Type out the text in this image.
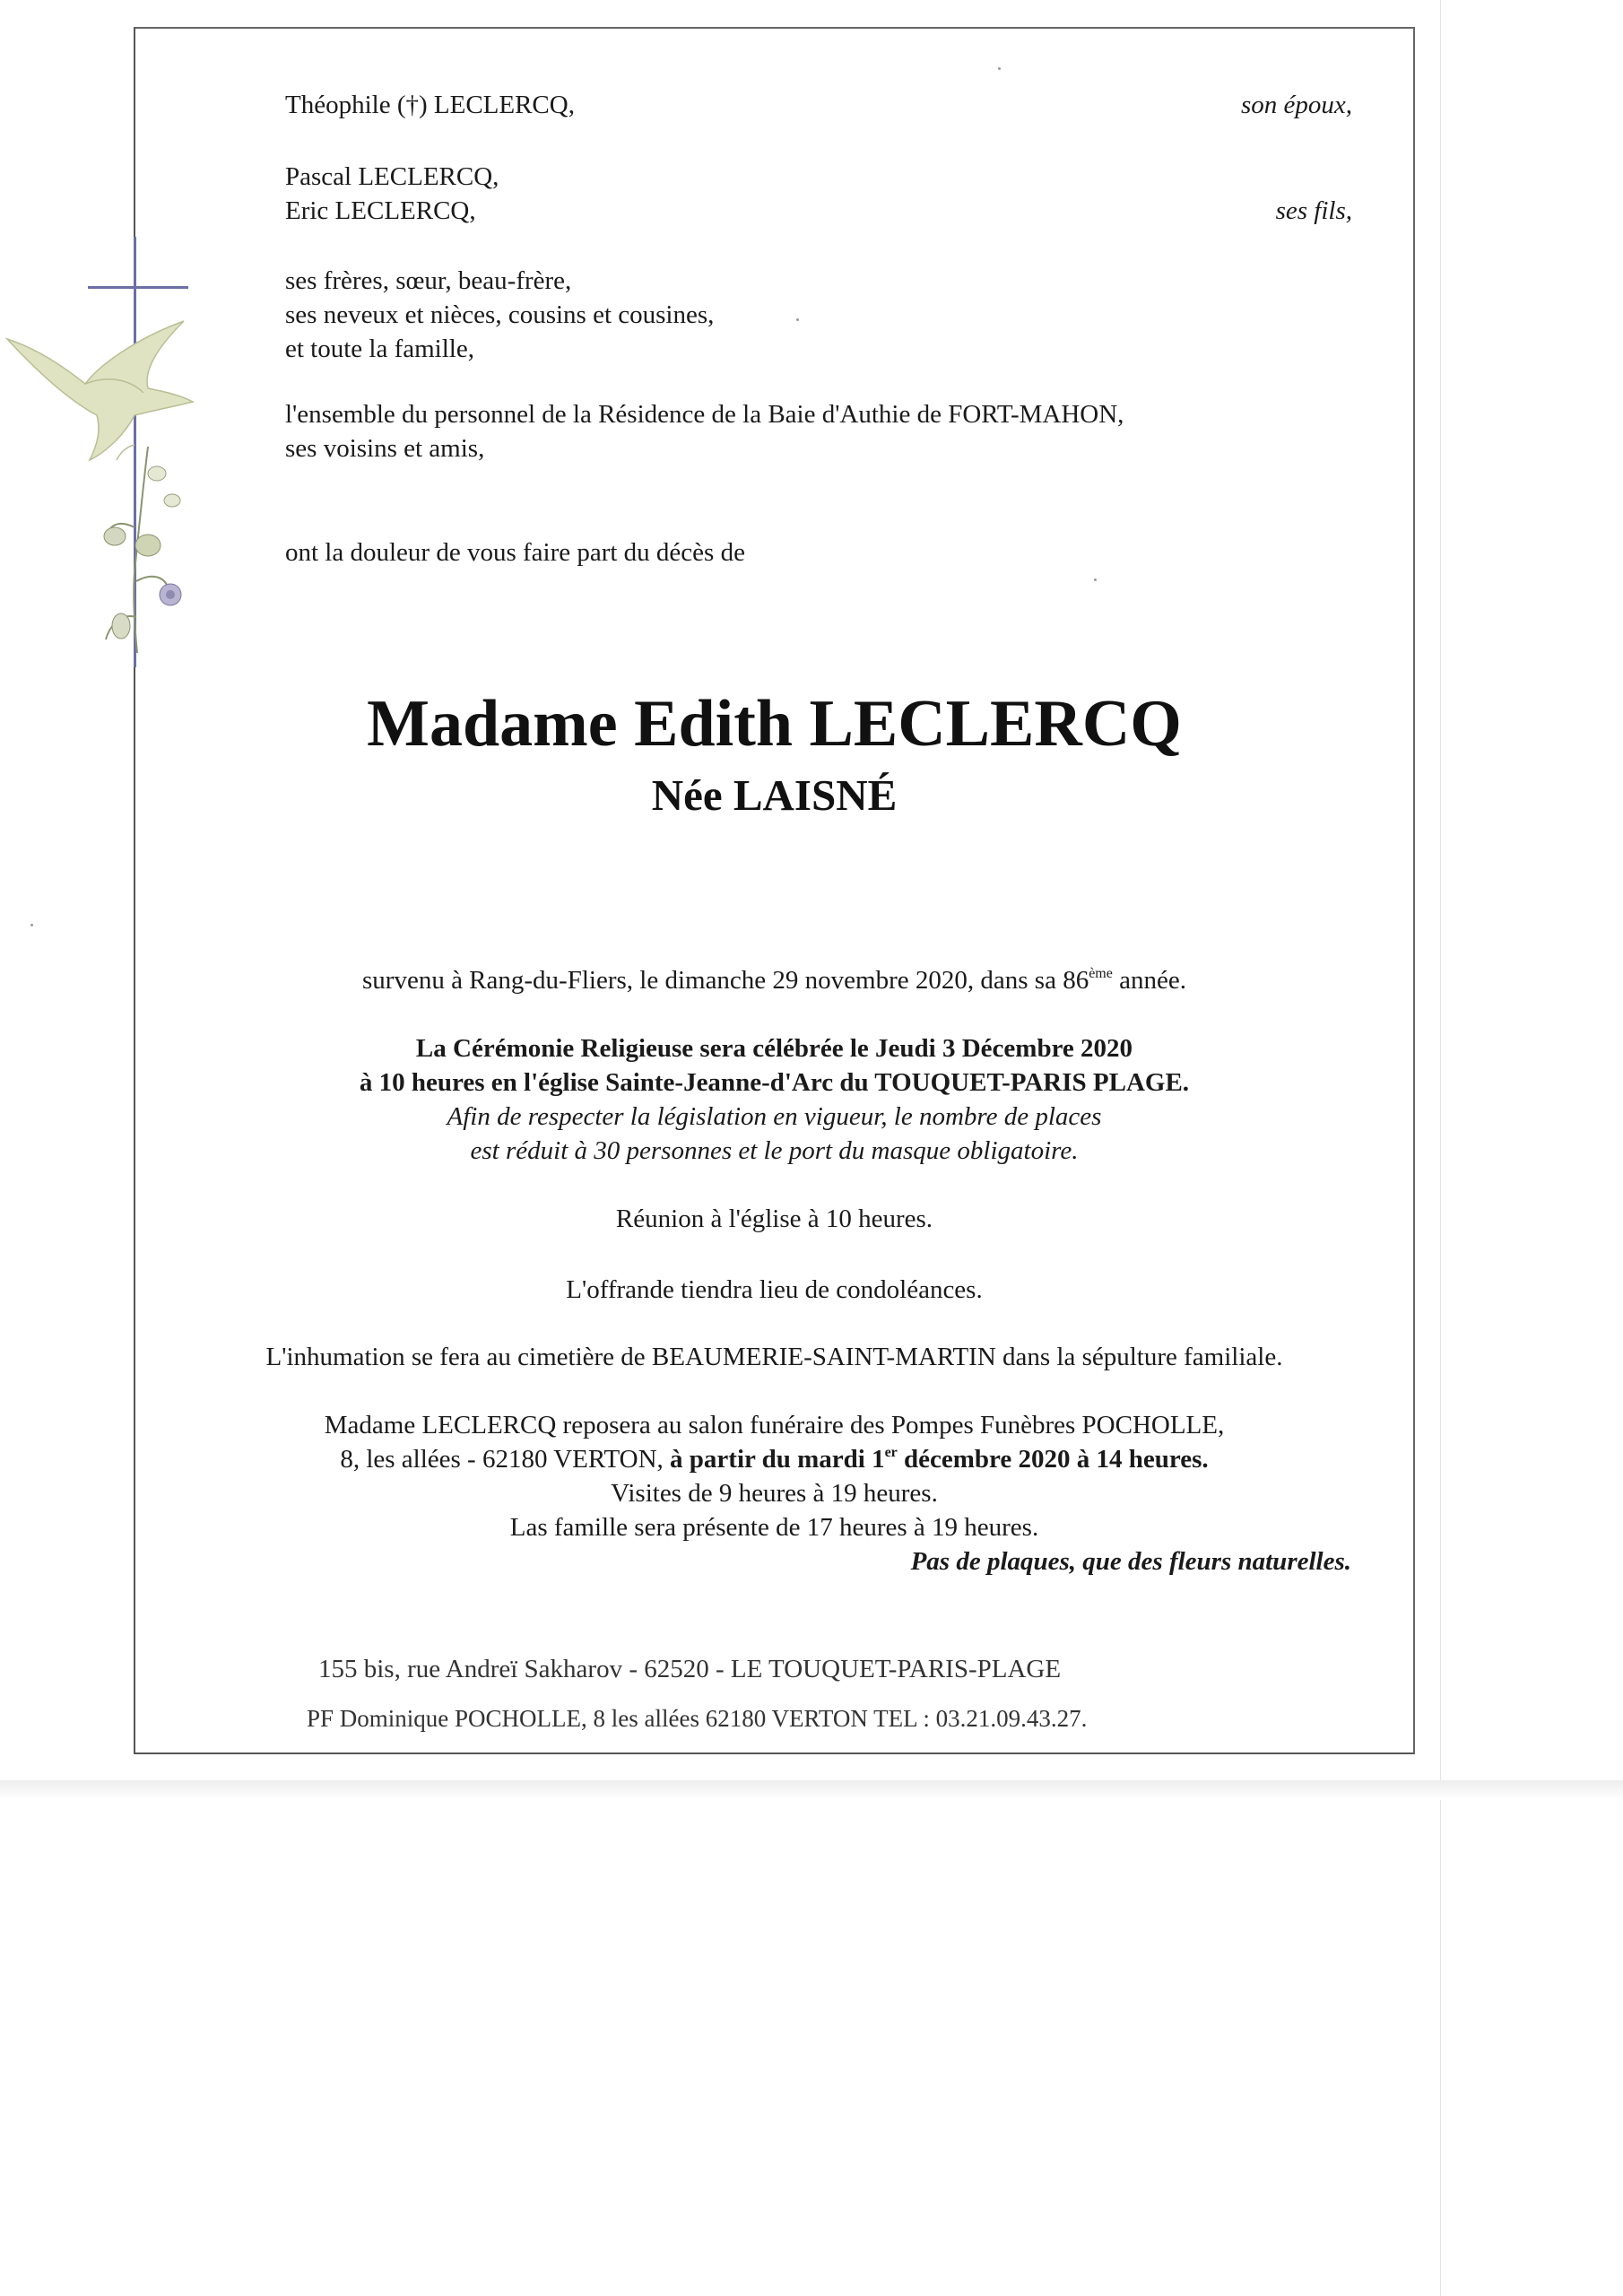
Théophile (†) LECLERCQ,	son époux,
Pascal LECLERCQ,
Eric LECLERCQ,	ses fils,
ses frères, sœur, beau-frère,
ses neveux et nièces, cousins et cousines,
et toute la famille,
l'ensemble du personnel de la Résidence de la Baie d'Authie de FORT-MAHON,
ses voisins et amis,
ont la douleur de vous faire part du décès de
Madame Edith LECLERCQ
Née LAISNÉ
survenu à Rang-du-Fliers, le dimanche 29 novembre 2020, dans sa 86ème année.
La Cérémonie Religieuse sera célébrée le Jeudi 3 Décembre 2020
à 10 heures en l'église Sainte-Jeanne-d'Arc du TOUQUET-PARIS PLAGE.
Afin de respecter la législation en vigueur, le nombre de places
est réduit à 30 personnes et le port du masque obligatoire.
Réunion à l'église à 10 heures.
L'offrande tiendra lieu de condoléances.
L'inhumation se fera au cimetière de BEAUMERIE-SAINT-MARTIN dans la sépulture familiale.
Madame LECLERCQ reposera au salon funéraire des Pompes Funèbres POCHOLLE,
8, les allées - 62180 VERTON, à partir du mardi 1er décembre 2020 à 14 heures.
Visites de 9 heures à 19 heures.
Las famille sera présente de 17 heures à 19 heures.
Pas de plaques, que des fleurs naturelles.
155 bis, rue Andreï Sakharov - 62520 - LE TOUQUET-PARIS-PLAGE
PF Dominique POCHOLLE, 8 les allées 62180 VERTON TEL : 03.21.09.43.27.
